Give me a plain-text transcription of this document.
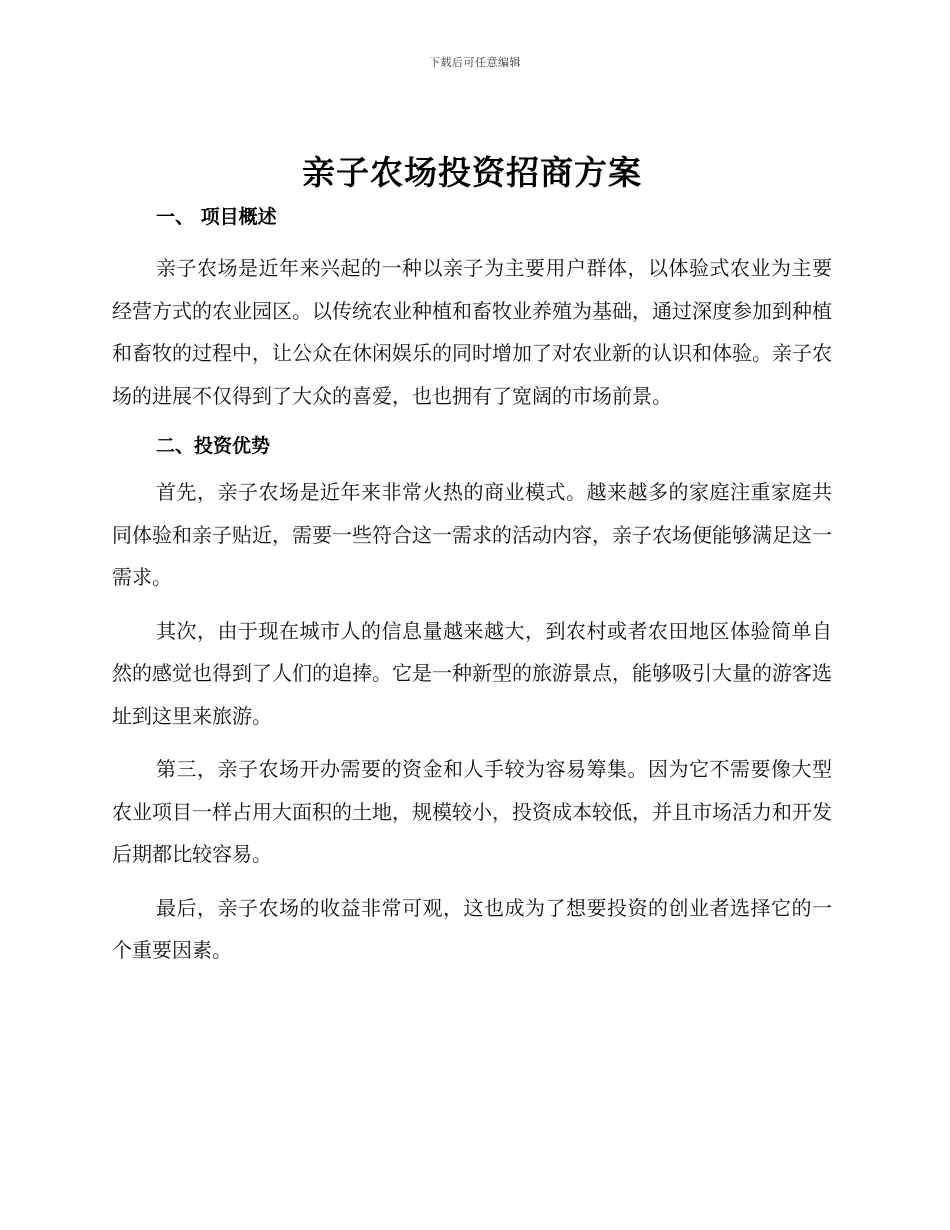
下载后可任意编辑
亲子农场投资招商方案
一、 项目概述

亲子农场是近年来兴起的一种以亲子为主要用户群体，以体验式农业为主要经营方式的农业园区。以传统农业种植和畜牧业养殖为基础，通过深度参加到种植和畜牧的过程中，让公众在休闲娱乐的同时增加了对农业新的认识和体验。亲子农场的进展不仅得到了大众的喜爱，也也拥有了宽阔的市场前景。

二、投资优势

首先，亲子农场是近年来非常火热的商业模式。越来越多的家庭注重家庭共同体验和亲子贴近，需要一些符合这一需求的活动内容，亲子农场便能够满足这一需求。

其次，由于现在城市人的信息量越来越大，到农村或者农田地区体验简单自然的感觉也得到了人们的追捧。它是一种新型的旅游景点，能够吸引大量的游客选址到这里来旅游。

第三，亲子农场开办需要的资金和人手较为容易筹集。因为它不需要像大型农业项目一样占用大面积的土地，规模较小，投资成本较低，并且市场活力和开发后期都比较容易。

最后，亲子农场的收益非常可观，这也成为了想要投资的创业者选择它的一个重要因素。
